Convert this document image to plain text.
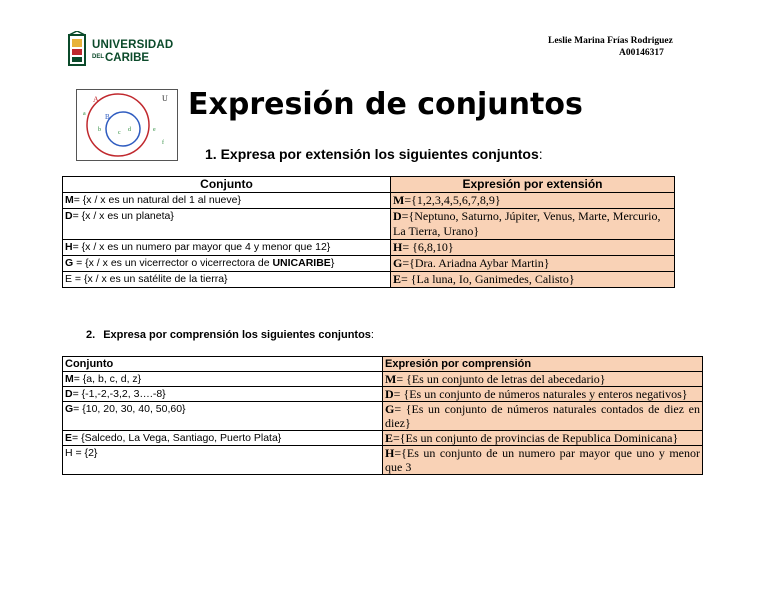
UNIVERSIDAD
$^{DEL}$CARIBE
Leslie Marina Frías Rodriguez
A00146317
A	U
B
c d
b
a
e
f
Expresión de conjuntos
1. Expresa por extensión los siguientes conjuntos:
Conjunto	Expresión por extensión
M= {x / x es un natural del 1 al nueve}	M={1,2,3,4,5,6,7,8,9}
D= {x / x es un planeta}	D={Neptuno, Saturno, Júpiter, Venus, Marte, Mercurio, La Tierra, Urano}
H= {x / x es un numero par mayor que 4 y menor que 12}	H= {6,8,10}
G = {x / x es un vicerrector o vicerrectora de UNICARIBE}	G={Dra. Ariadna Aybar Martin}
E = {x / x es un satélite de la tierra}	E= {La luna, Io, Ganimedes, Calisto}
2. Expresa por comprensión los siguientes conjuntos:
Conjunto	Expresión por comprensión
M= {a, b, c, d, z}	M= {Es un conjunto de letras del abecedario}
D= {-1,-2,-3,2, 3….-8}	D= {Es un conjunto de números naturales y enteros negativos}
G= {10, 20, 30, 40, 50,60}	G= {Es un conjunto de números naturales contados de diez en diez}
E= {Salcedo, La Vega, Santiago, Puerto Plata}	E={Es un conjunto de provincias de Republica Dominicana}
H = {2}	H={Es un conjunto de un numero par mayor que uno y menor que 3
